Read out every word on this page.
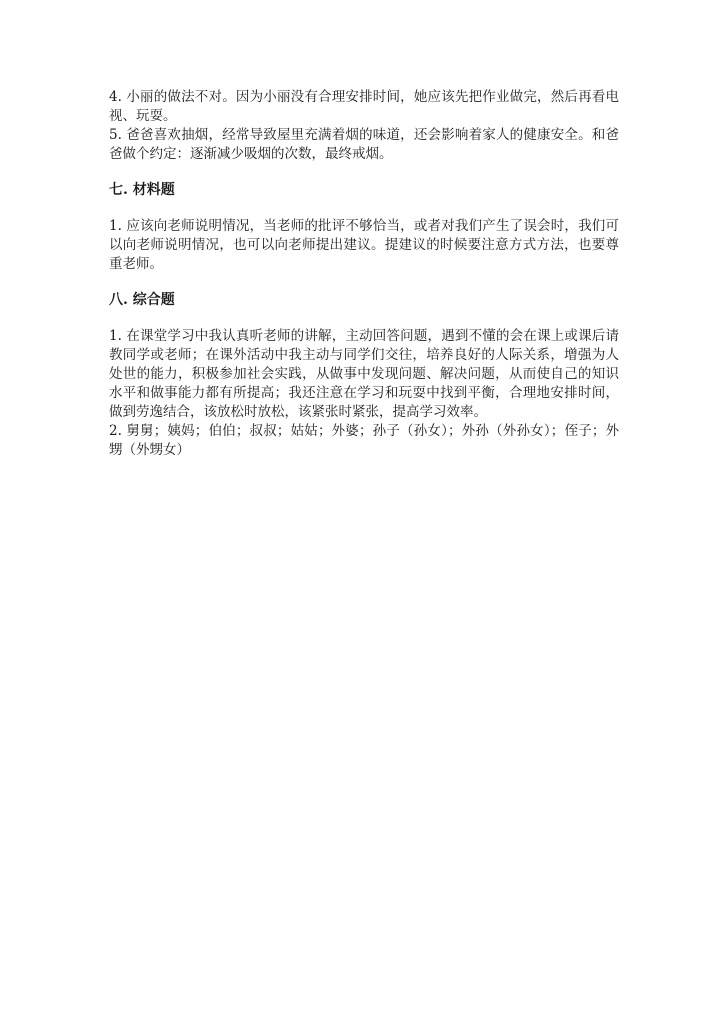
4. 小丽的做法不对。因为小丽没有合理安排时间，她应该先把作业做完，然后再看电视、玩耍。

5. 爸爸喜欢抽烟，经常导致屋里充满着烟的味道，还会影响着家人的健康安全。和爸爸做个约定：逐渐减少吸烟的次数，最终戒烟。

七. 材料题

1. 应该向老师说明情况，当老师的批评不够恰当，或者对我们产生了误会时，我们可以向老师说明情况，也可以向老师提出建议。提建议的时候要注意方式方法，也要尊重老师。

八. 综合题

1. 在课堂学习中我认真听老师的讲解，主动回答问题，遇到不懂的会在课上或课后请教同学或老师；在课外活动中我主动与同学们交往，培养良好的人际关系，增强为人处世的能力，积极参加社会实践，从做事中发现问题、解决问题，从而使自己的知识水平和做事能力都有所提高；我还注意在学习和玩耍中找到平衡，合理地安排时间，做到劳逸结合，该放松时放松，该紧张时紧张，提高学习效率。

2. 舅舅；姨妈；伯伯；叔叔；姑姑；外婆；孙子（孙女）；外孙（外孙女）；侄子；外甥（外甥女）
